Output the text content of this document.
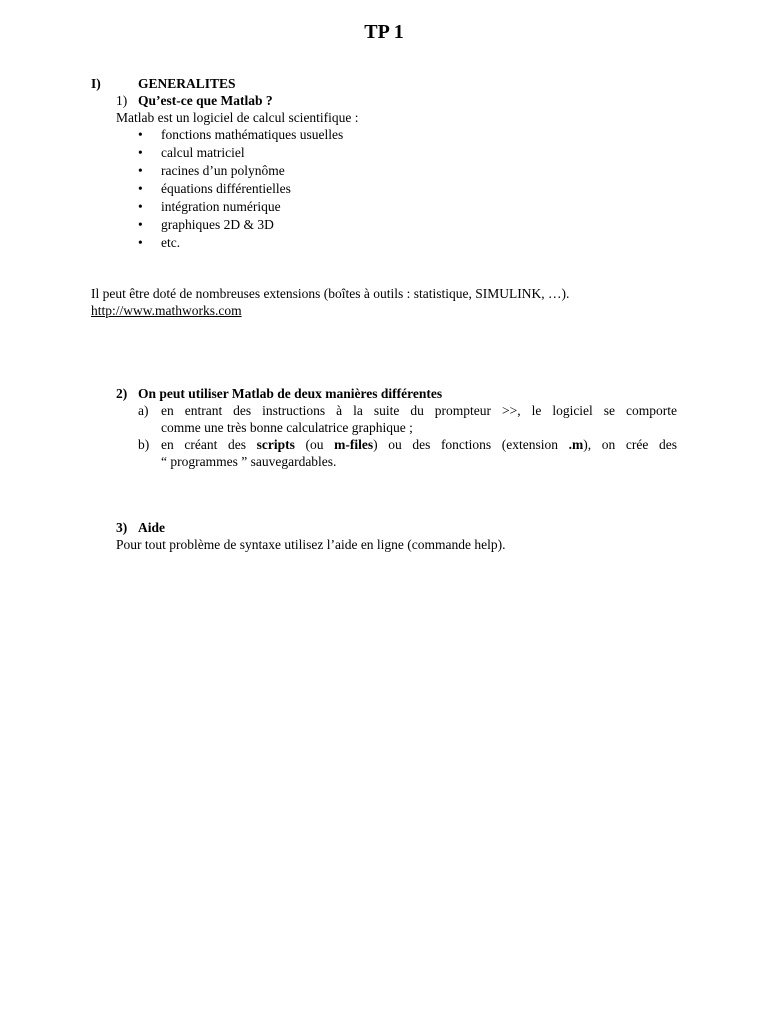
TP 1
I)	GENERALITES
1) Qu’est-ce que Matlab ?
Matlab est un logiciel de calcul scientifique :
• fonctions mathématiques usuelles
• calcul matriciel
• racines d’un polynôme
• équations différentielles
• intégration numérique
• graphiques 2D & 3D
• etc.
Il peut être doté de nombreuses extensions (boîtes à outils : statistique, SIMULINK, …).
http://www.mathworks.com
2) On peut utiliser Matlab de deux manières différentes
a) en entrant des instructions à la suite du prompteur >>, le logiciel se comporte
comme une très bonne calculatrice graphique ;
b) en créant des scripts (ou m-files) ou des fonctions (extension .m), on crée des
“ programmes ” sauvegardables.
3) Aide
Pour tout problème de syntaxe utilisez l’aide en ligne (commande help).
